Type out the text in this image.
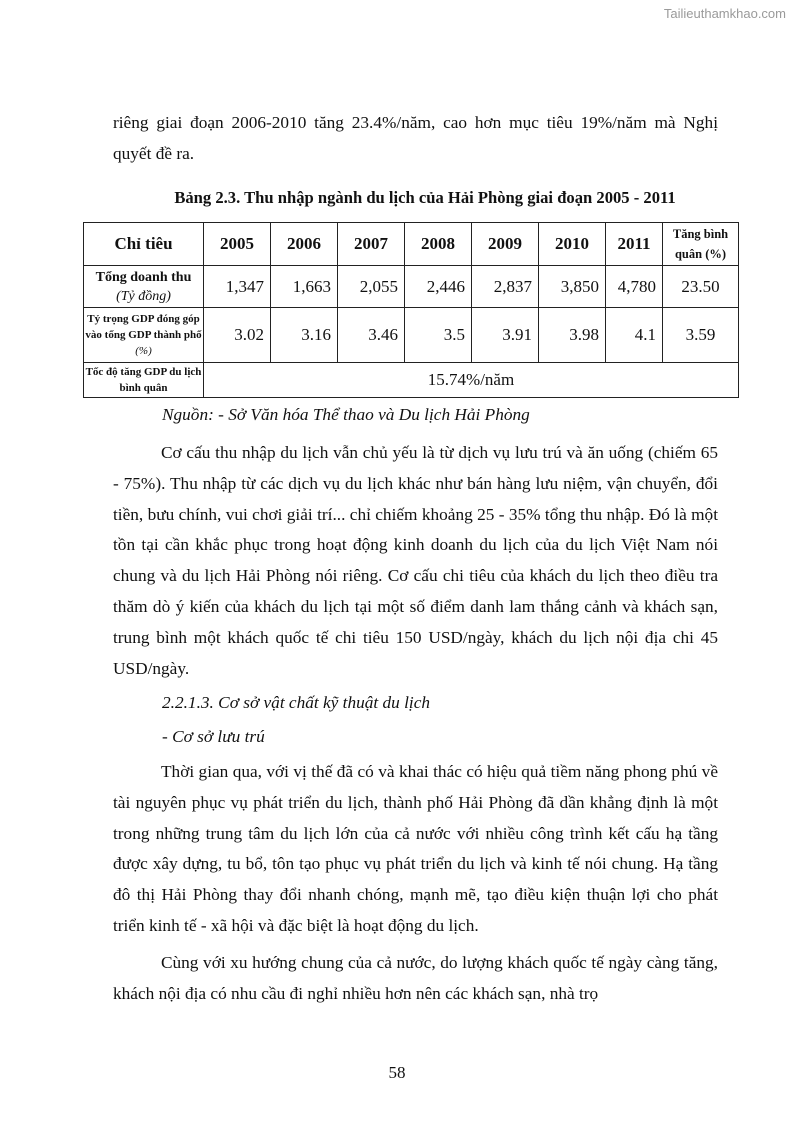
Tailieuthamkhao.com

riêng giai đoạn 2006-2010 tăng 23.4%/năm, cao hơn mục tiêu 19%/năm mà Nghị quyết đề ra.

Bảng 2.3. Thu nhập ngành du lịch của Hải Phòng giai đoạn 2005 - 2011
Chỉ tiêu	2005	2006	2007	2008	2009	2010	2011	Tăng bình quân (%)

Tổng doanh thu
(Tỷ đồng)	1,347	1,663	2,055	2,446	2,837	3,850	4,780	23.50
Tỷ trọng GDP đóng góp vào tổng GDP thành phố (%)	3.02	3.16	3.46	3.5	3.91	3.98	4.1	3.59
Tốc độ tăng GDP du lịch bình quân	15.74%/năm							
Nguồn: - Sở Văn hóa Thể thao và Du lịch Hải Phòng

Cơ cấu thu nhập du lịch vẫn chủ yếu là từ dịch vụ lưu trú và ăn uống (chiếm 65 - 75%). Thu nhập từ các dịch vụ du lịch khác như bán hàng lưu niệm, vận chuyển, đổi tiền, bưu chính, vui chơi giải trí... chỉ chiếm khoảng 25 - 35% tổng thu nhập. Đó là một tồn tại cần khắc phục trong hoạt động kinh doanh du lịch của du lịch Việt Nam nói chung và du lịch Hải Phòng nói riêng. Cơ cấu chi tiêu của khách du lịch theo điều tra thăm dò ý kiến của khách du lịch tại một số điểm danh lam thắng cảnh và khách sạn, trung bình một khách quốc tế chi tiêu 150 USD/ngày, khách du lịch nội địa chi 45 USD/ngày.

2.2.1.3. Cơ sở vật chất kỹ thuật du lịch

- Cơ sở lưu trú

Thời gian qua, với vị thế đã có và khai thác có hiệu quả tiềm năng phong phú về tài nguyên phục vụ phát triển du lịch, thành phố Hải Phòng đã dần khẳng định là một trong những trung tâm du lịch lớn của cả nước với nhiều công trình kết cấu hạ tầng được xây dựng, tu bổ, tôn tạo phục vụ phát triển du lịch và kinh tế nói chung. Hạ tầng đô thị Hải Phòng thay đổi nhanh chóng, mạnh mẽ, tạo điều kiện thuận lợi cho phát triển kinh tế - xã hội và đặc biệt là hoạt động du lịch.

Cùng với xu hướng chung của cả nước, do lượng khách quốc tế ngày càng tăng, khách nội địa có nhu cầu đi nghỉ nhiều hơn nên các khách sạn, nhà trọ

58
